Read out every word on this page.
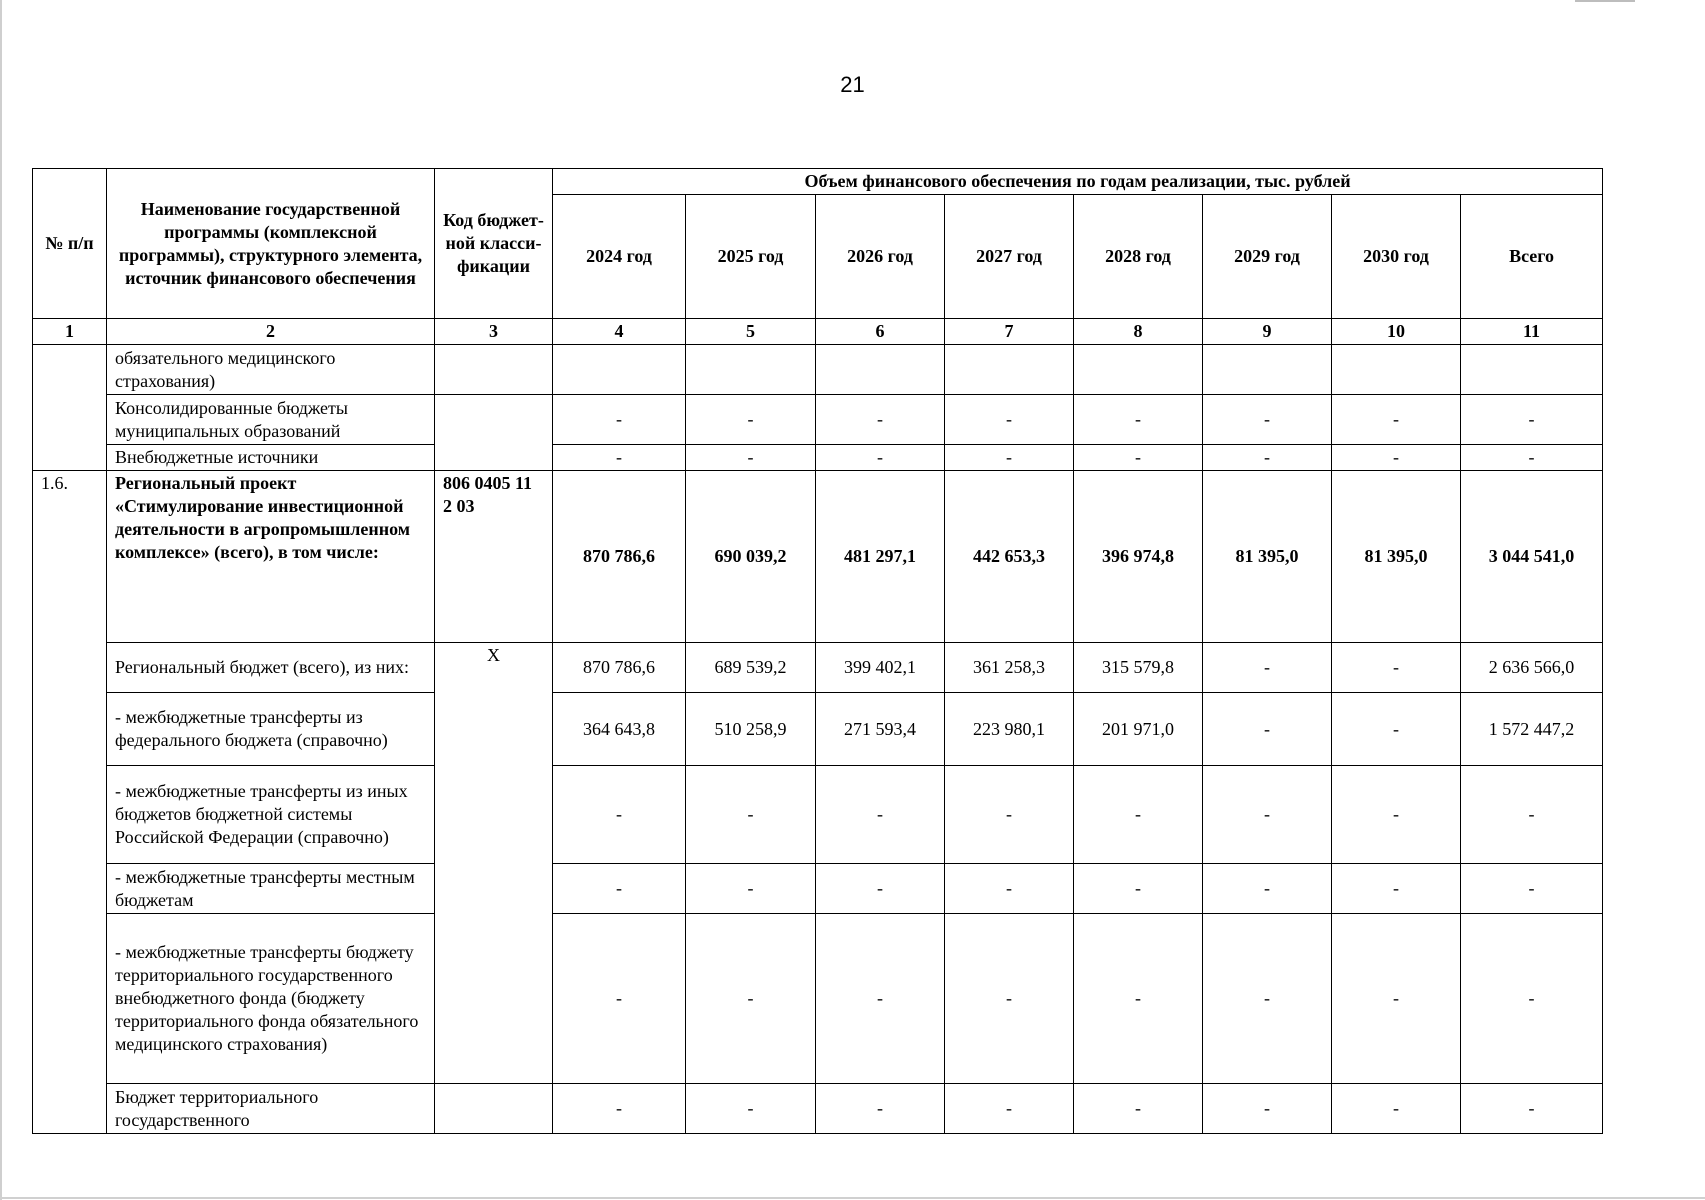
21
№ п/п	Наименование государственной программы (комплексной программы), структурного элемента, источник финансового обеспечения	Код бюджет-ной класси-фикации	Объем финансового обеспечения по годам реализации, тыс. рублей							
			2024 год	2025 год	2026 год	2027 год	2028 год	2029 год	2030 год	Всего
1	2	3	4	5	6	7	8	9	10	11
	обязательного медицинского страхования)									
	Консолидированные бюджеты муниципальных образований		-	-	-	-	-	-	-	-
	Внебюджетные источники		-	-	-	-	-	-	-	-
1.6.	Региональный проект «Стимулирование инвестиционной деятельности в агропромышленном комплексе» (всего), в том числе:	806 0405 11 2 03	870 786,6	690 039,2	481 297,1	442 653,3	396 974,8	81 395,0	81 395,0	3 044 541,0
	Региональный бюджет (всего), из них:	X	870 786,6	689 539,2	399 402,1	361 258,3	315 579,8	-	-	2 636 566,0
	- межбюджетные трансферты из федерального бюджета (справочно)		364 643,8	510 258,9	271 593,4	223 980,1	201 971,0	-	-	1 572 447,2
	- межбюджетные трансферты из иных бюджетов бюджетной системы Российской Федерации (справочно)		-	-	-	-	-	-	-	-
	- межбюджетные трансферты местным бюджетам		-	-	-	-	-	-	-	-
	- межбюджетные трансферты бюджету территориального государственного внебюджетного фонда (бюджету территориального фонда обязательного медицинского страхования)		-	-	-	-	-	-	-	-
	Бюджет территориального государственного		-	-	-	-	-	-	-	-
